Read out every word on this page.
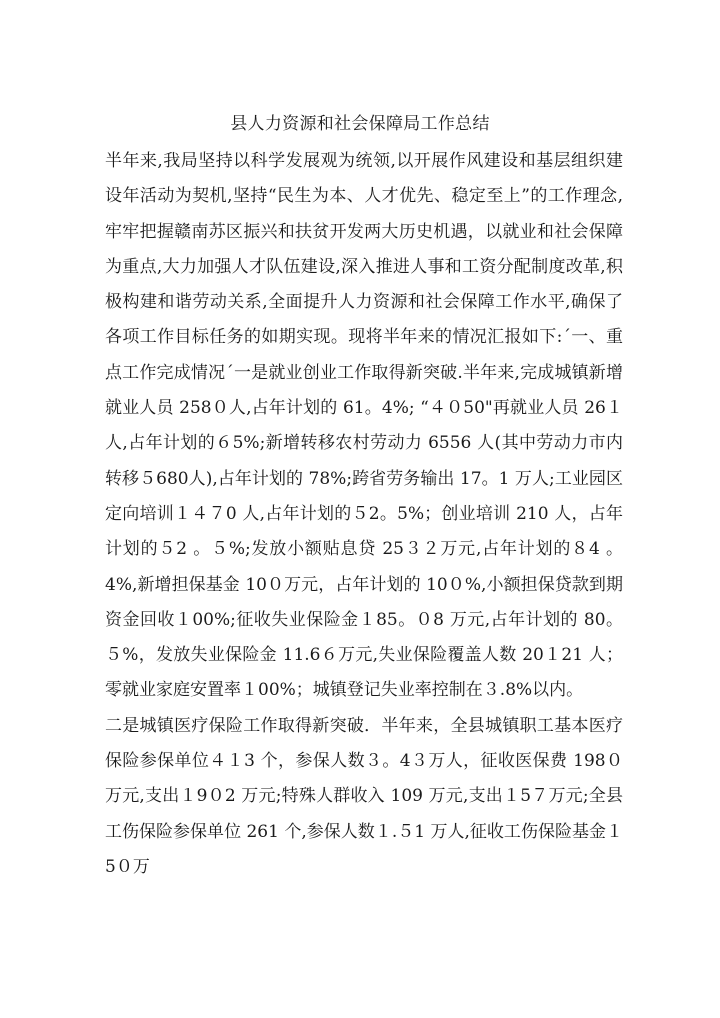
县人力资源和社会保障局工作总结

半年来,我局坚持以科学发展观为统领,以开展作风建设和基层组织建设年活动为契机,坚持“民生为本、人才优先、稳定至上”的工作理念,牢牢把握赣南苏区振兴和扶贫开发两大历史机遇，以就业和社会保障为重点,大力加强人才队伍建设,深入推进人事和工资分配制度改革,积极构建和谐劳动关系,全面提升人力资源和社会保障工作水平,确保了各项工作目标任务的如期实现。现将半年来的情况汇报如下:´一、重点工作完成情况´一是就业创业工作取得新突破.半年来,完成城镇新增就业人员 258０人,占年计划的 61。4%; “４０50"再就业人员 26１人,占年计划的６5%;新增转移农村劳动力 6556 人(其中劳动力市内转移５680人),占年计划的 78%;跨省劳务输出 17。1 万人;工业园区定向培训１４７0 人,占年计划的５2。5%；创业培训 210 人，占年计划的５2 。５%;发放小额贴息贷 25３２万元,占年计划的８4 。4%,新增担保基金 10０万元，占年计划的 10０%,小额担保贷款到期资金回收１00%;征收失业保险金１85。０8 万元,占年计划的 80。５%，发放失业保险金 11.6６万元,失业保险覆盖人数 20１21 人；零就业家庭安置率１00%；城镇登记失业率控制在３.8%以内。

二是城镇医疗保险工作取得新突破．半年来，全县城镇职工基本医疗保险参保单位４１3 个，参保人数３。4３万人，征收医保费 198０万元,支出１9０2 万元;特殊人群收入 109 万元,支出１5７万元;全县工伤保险参保单位 261 个,参保人数１.５1 万人,征收工伤保险基金１5０万
